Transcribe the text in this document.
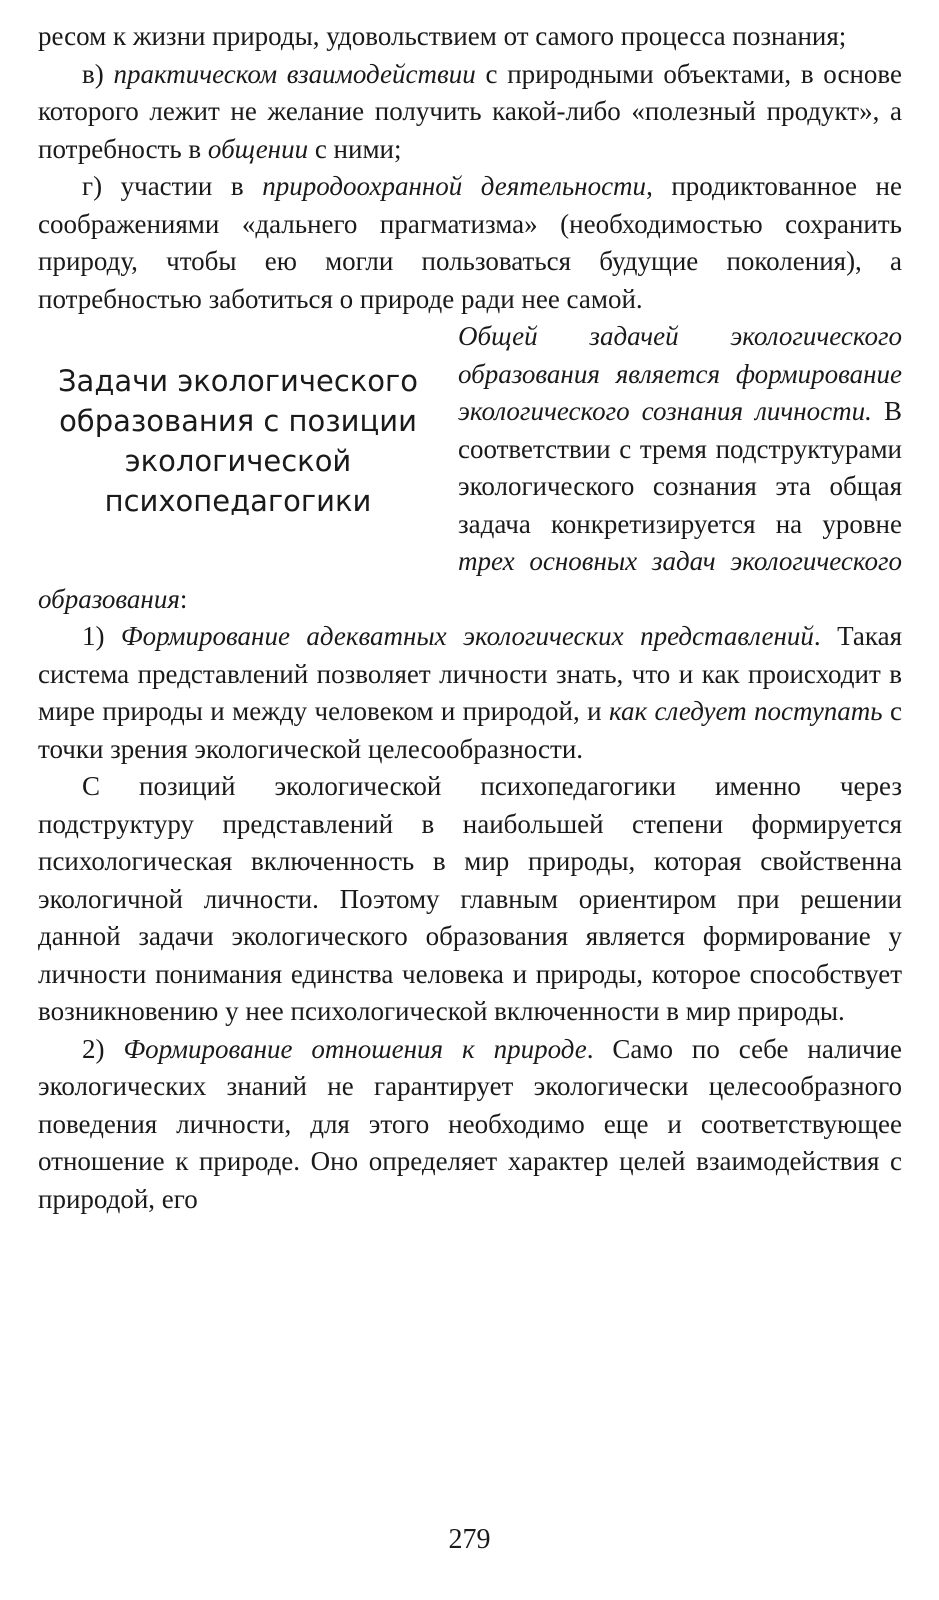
ресом к жизни природы, удовольствием от самого процесса познания;

в) практическом взаимодействии с природными объектами, в основе которого лежит не желание получить какой-либо «полезный продукт», а потребность в общении с ними;

г) участии в природоохранной деятельности, продиктованное не соображениями «дальнего прагматизма» (необходимостью сохранить природу, чтобы ею могли пользоваться будущие поколения), а потребностью заботиться о природе ради нее самой.

Задачи экологического образования с позиции экологической психопедагогики

Общей задачей экологического образования является формирование экологического сознания личности. В соответствии с тремя подструктурами экологического сознания эта общая задача конкретизируется на уровне трех основных задач экологического образования:

1) Формирование адекватных экологических представлений. Такая система представлений позволяет личности знать, что и как происходит в мире природы и между человеком и природой, и как следует поступать с точки зрения экологической целесообразности.

С позиций экологической психопедагогики именно через подструктуру представлений в наибольшей степени формируется психологическая включенность в мир природы, которая свойственна экологичной личности. Поэтому главным ориентиром при решении данной задачи экологического образования является формирование у личности понимания единства человека и природы, которое способствует возникновению у нее психологической включенности в мир природы.

2) Формирование отношения к природе. Само по себе наличие экологических знаний не гарантирует экологически целесообразного поведения личности, для этого необходимо еще и соответствующее отношение к природе. Оно определяет характер целей взаимодействия с природой, его

279
